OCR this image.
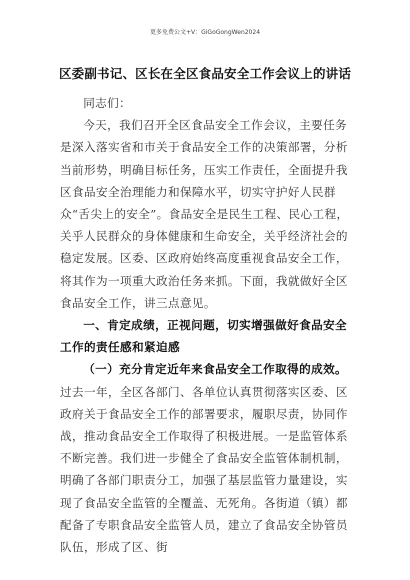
更多免费公文+V：GiGoGongWen2024
区委副书记、区长在全区食品安全工作会议上的讲话

同志们：

今天，我们召开全区食品安全工作会议，主要任务是深入落实省和市关于食品安全工作的决策部署，分析当前形势，明确目标任务，压实工作责任，全面提升我区食品安全治理能力和保障水平，切实守护好人民群众“舌尖上的安全”。食品安全是民生工程、民心工程，关乎人民群众的身体健康和生命安全，关乎经济社会的稳定发展。区委、区政府始终高度重视食品安全工作，将其作为一项重大政治任务来抓。下面，我就做好全区食品安全工作，讲三点意见。

一、肯定成绩，正视问题，切实增强做好食品安全工作的责任感和紧迫感

（一）充分肯定近年来食品安全工作取得的成效。过去一年，全区各部门、各单位认真贯彻落实区委、区政府关于食品安全工作的部署要求，履职尽责，协同作战，推动食品安全工作取得了积极进展。一是监管体系不断完善。我们进一步健全了食品安全监管体制机制，明确了各部门职责分工，加强了基层监管力量建设，实现了食品安全监管的全覆盖、无死角。各街道（镇）都配备了专职食品安全监管人员，建立了食品安全协管员队伍，形成了区、街
